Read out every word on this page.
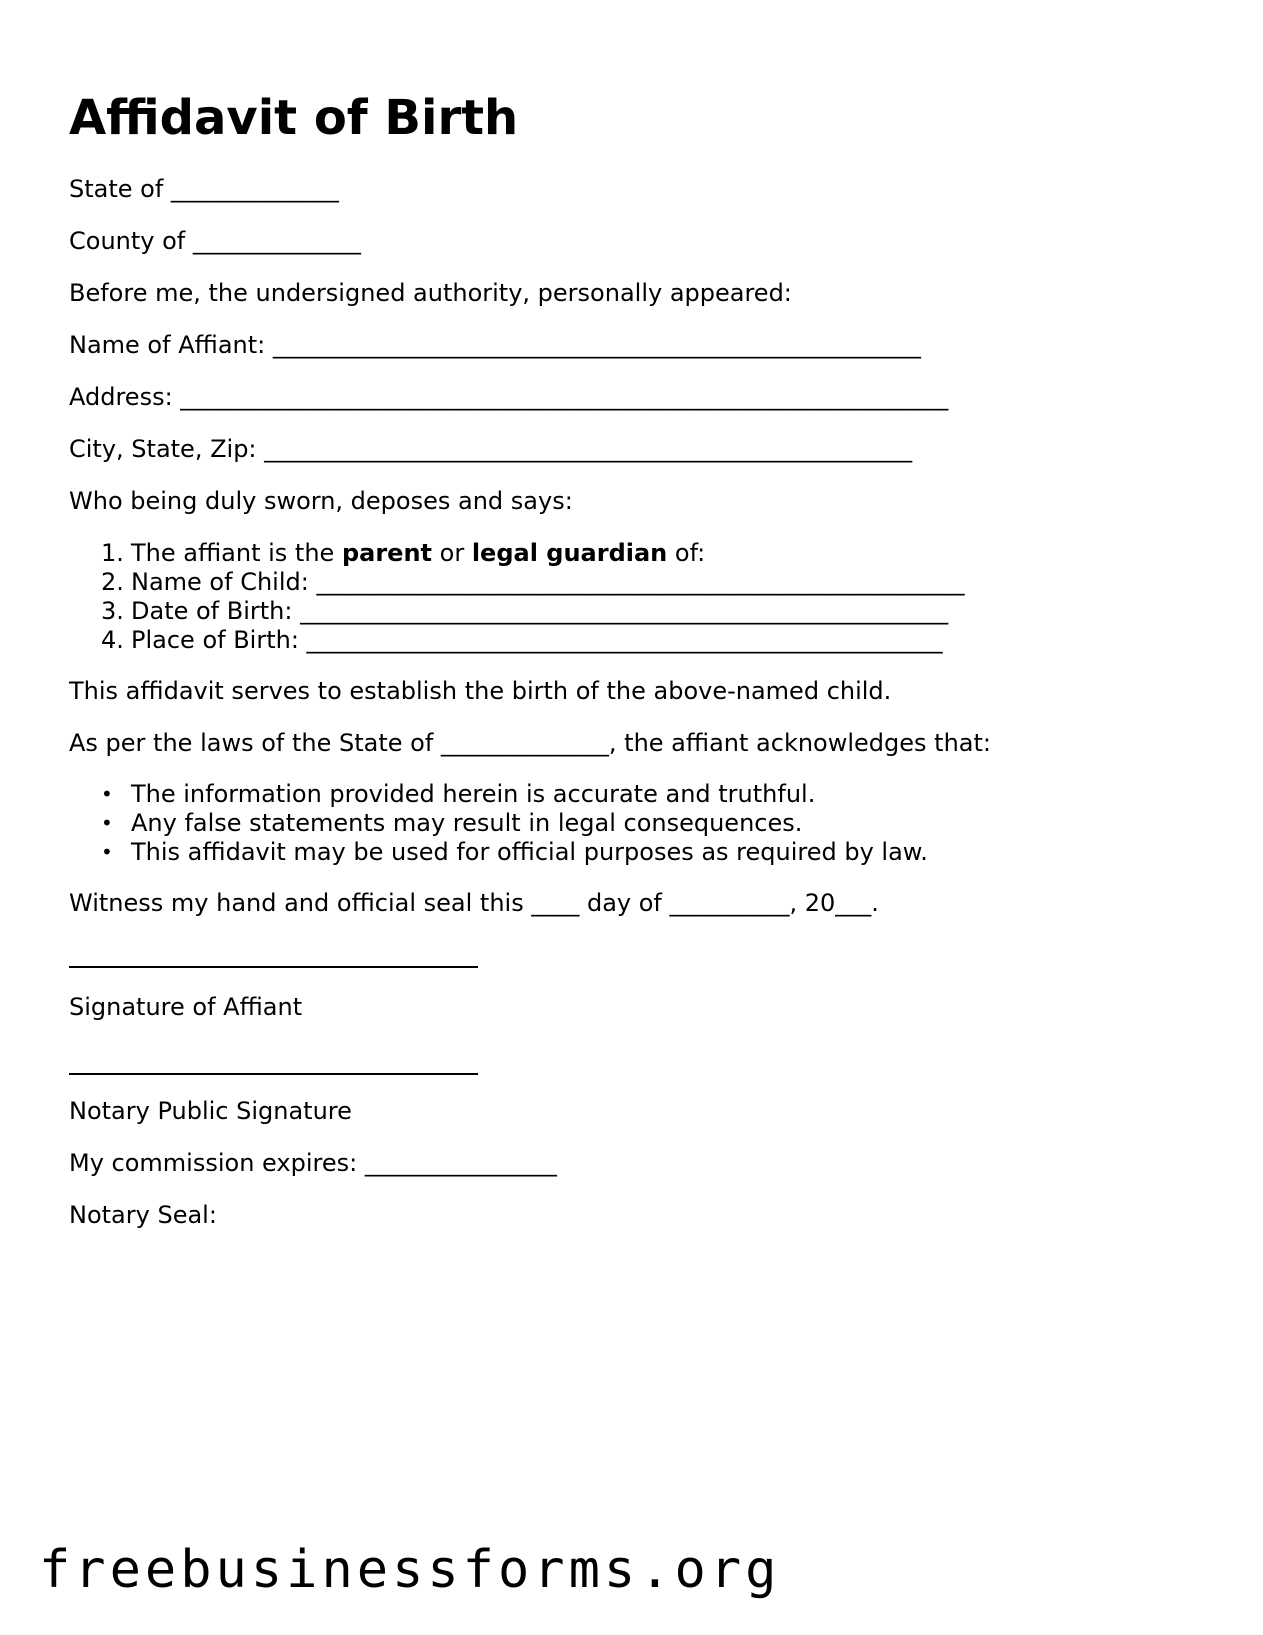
Affidavit of Birth

State of ______________

County of ______________

Before me, the undersigned authority, personally appeared:

Name of Affiant: ______________________________________________________

Address: ________________________________________________________________

City, State, Zip: ______________________________________________________

Who being duly sworn, deposes and says:

1. The affiant is the parent or legal guardian of:
2. Name of Child: ______________________________________________________
3. Date of Birth: ______________________________________________________
4. Place of Birth: _____________________________________________________

This affidavit serves to establish the birth of the above-named child.

As per the laws of the State of ______________, the affiant acknowledges that:

• The information provided herein is accurate and truthful.
• Any false statements may result in legal consequences.
• This affidavit may be used for official purposes as required by law.

Witness my hand and official seal this ____ day of __________, 20___.

Signature of Affiant

Notary Public Signature

My commission expires: ________________

Notary Seal:

freebusinessforms.org
